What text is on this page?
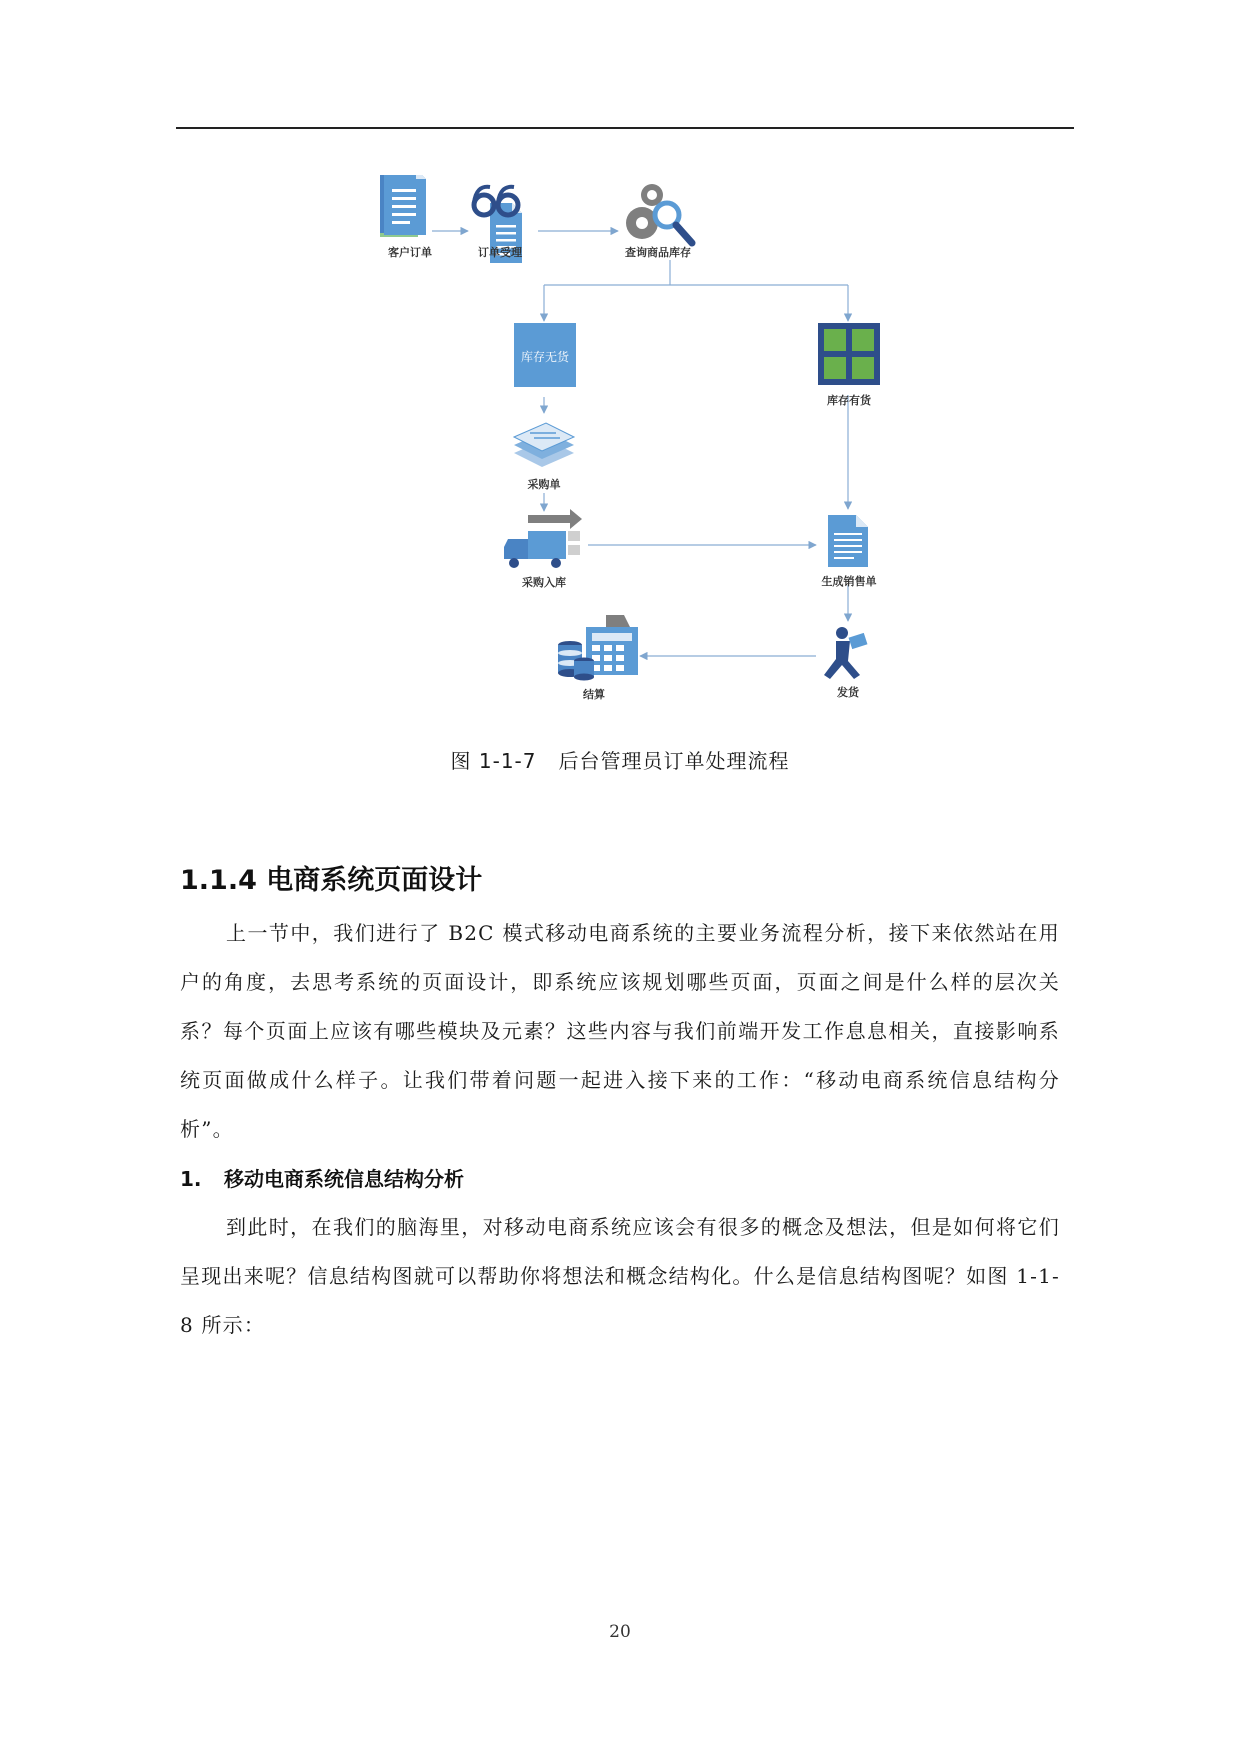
客户订单	订单受理	查询商品库存
库存无货
库存有货
采购单
采购入库	生成销售单
发货
结算
图 1-1-7 后台管理员订单处理流程
1.1.4 电商系统页面设计

上一节中，我们进行了 B2C 模式移动电商系统的主要业务流程分析，接下来依然站在用户的角度，去思考系统的页面设计，即系统应该规划哪些页面，页面之间是什么样的层次关系？每个页面上应该有哪些模块及元素？这些内容与我们前端开发工作息息相关，直接影响系统页面做成什么样子。让我们带着问题一起进入接下来的工作：“移动电商系统信息结构分析”。

1. 移动电商系统信息结构分析

到此时，在我们的脑海里，对移动电商系统应该会有很多的概念及想法，但是如何将它们呈现出来呢？信息结构图就可以帮助你将想法和概念结构化。什么是信息结构图呢？如图 1-1-8 所示：

20
